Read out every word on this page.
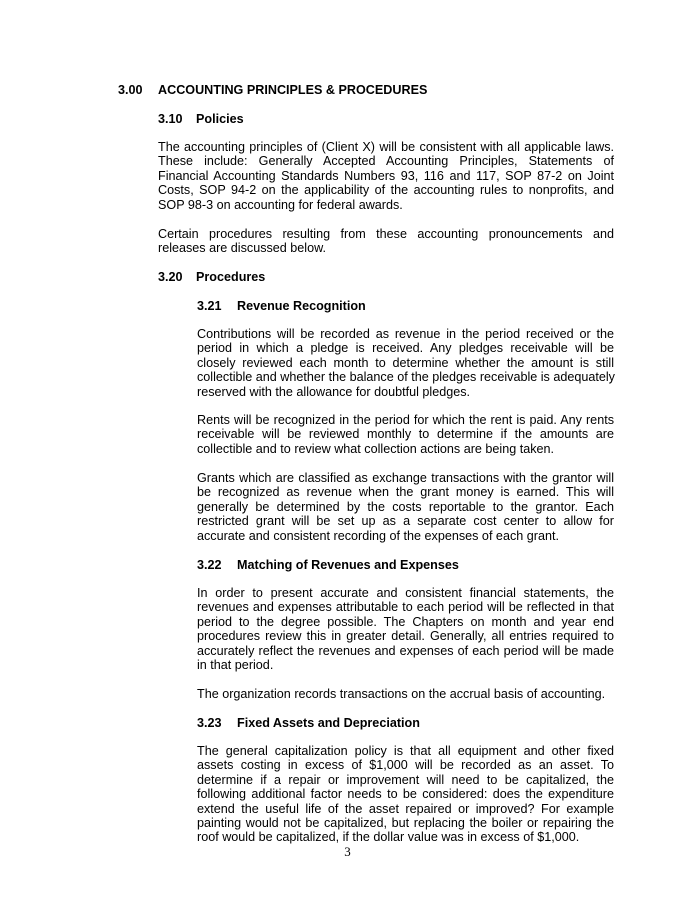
3.00 ACCOUNTING PRINCIPLES & PROCEDURES
3.10 Policies
The accounting principles of (Client X) will be consistent with all applicable laws.
These include: Generally Accepted Accounting Principles, Statements of
Financial Accounting Standards Numbers 93, 116 and 117, SOP 87-2 on Joint
Costs, SOP 94-2 on the applicability of the accounting rules to nonprofits, and
SOP 98-3 on accounting for federal awards.
Certain procedures resulting from these accounting pronouncements and
releases are discussed below.
3.20 Procedures
3.21 Revenue Recognition
Contributions will be recorded as revenue in the period received or the
period in which a pledge is received. Any pledges receivable will be
closely reviewed each month to determine whether the amount is still
collectible and whether the balance of the pledges receivable is adequately
reserved with the allowance for doubtful pledges.
Rents will be recognized in the period for which the rent is paid. Any rents
receivable will be reviewed monthly to determine if the amounts are
collectible and to review what collection actions are being taken.
Grants which are classified as exchange transactions with the grantor will
be recognized as revenue when the grant money is earned. This will
generally be determined by the costs reportable to the grantor. Each
restricted grant will be set up as a separate cost center to allow for
accurate and consistent recording of the expenses of each grant.
3.22 Matching of Revenues and Expenses
In order to present accurate and consistent financial statements, the
revenues and expenses attributable to each period will be reflected in that
period to the degree possible. The Chapters on month and year end
procedures review this in greater detail. Generally, all entries required to
accurately reflect the revenues and expenses of each period will be made
in that period.
The organization records transactions on the accrual basis of accounting.
3.23 Fixed Assets and Depreciation
The general capitalization policy is that all equipment and other fixed
assets costing in excess of $1,000 will be recorded as an asset. To
determine if a repair or improvement will need to be capitalized, the
following additional factor needs to be considered: does the expenditure
extend the useful life of the asset repaired or improved? For example
painting would not be capitalized, but replacing the boiler or repairing the
roof would be capitalized, if the dollar value was in excess of $1,000.
3
